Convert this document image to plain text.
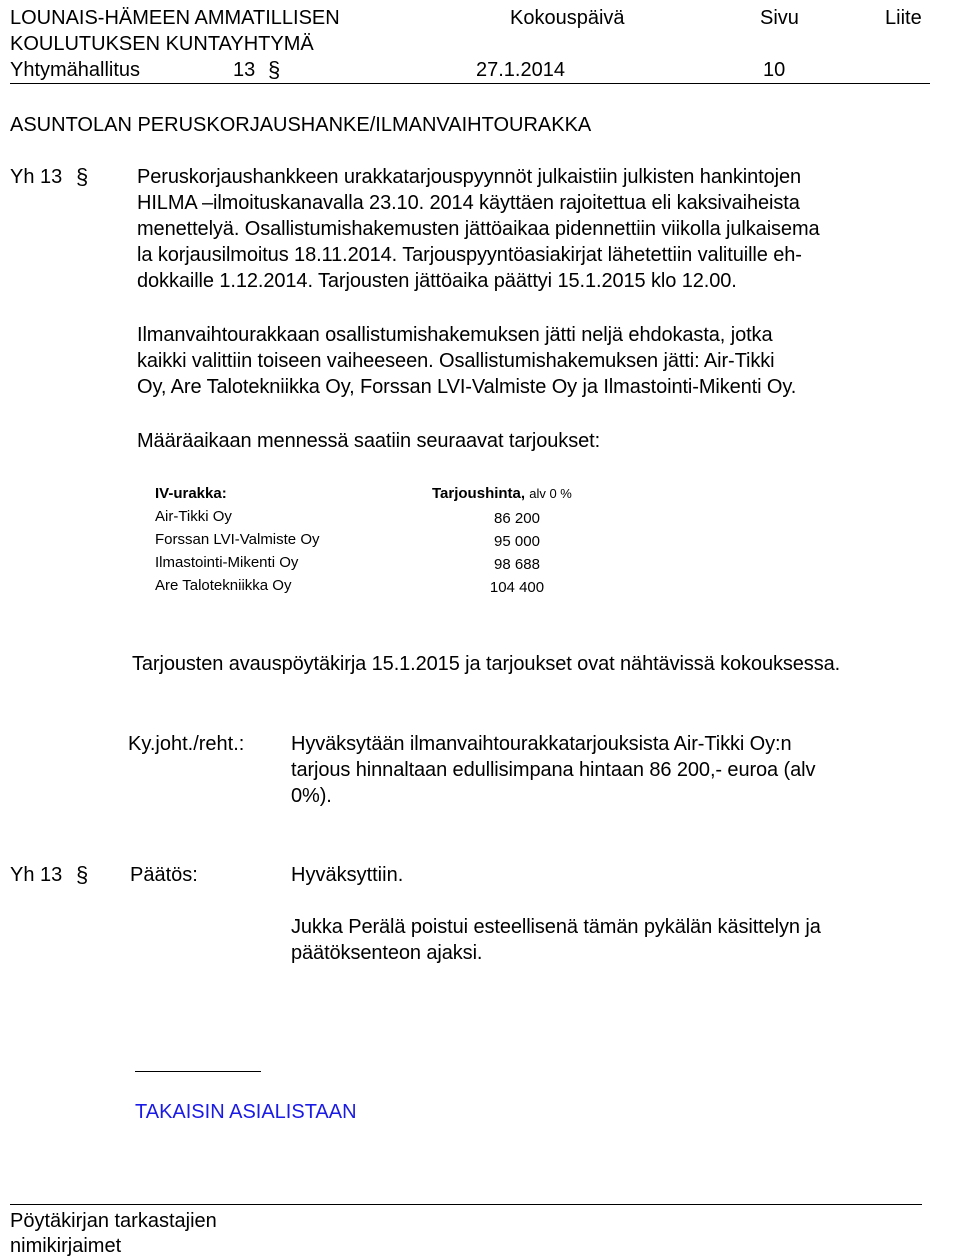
LOUNAIS-HÄMEEN AMMATILLISEN
KOULUTUKSEN KUNTAYHTYMÄ
Kokouspäivä	Sivu	Liite
Yhtymähallitus	13 §	27.1.2014	10
ASUNTOLAN PERUSKORJAUSHANKE/ILMANVAIHTOURAKKA
Yh 13 § Peruskorjaushankkeen urakkatarjouspyynnöt julkaistiin julkisten hankintojen
HILMA –ilmoituskanavalla 23.10. 2014 käyttäen rajoitettua eli kaksivaiheista
menettelyä. Osallistumishakemusten jättöaikaa pidennettiin viikolla julkaisema
la korjausilmoitus 18.11.2014. Tarjouspyyntöasiakirjat lähetettiin valituille eh-
dokkaille 1.12.2014. Tarjousten jättöaika päättyi 15.1.2015 klo 12.00.
Ilmanvaihtourakkaan osallistumishakemuksen jätti neljä ehdokasta, jotka
kaikki valittiin toiseen vaiheeseen. Osallistumishakemuksen jätti: Air-Tikki
Oy, Are Talotekniikka Oy, Forssan LVI-Valmiste Oy ja Ilmastointi-Mikenti Oy.
Määräaikaan mennessä saatiin seuraavat tarjoukset:
IV-urakka:	Tarjoushinta, alv 0 %
Air-Tikki Oy	86 200
Forssan LVI-Valmiste Oy	95 000
Ilmastointi-Mikenti Oy	98 688
Are Talotekniikka Oy	104 400
Tarjousten avauspöytäkirja 15.1.2015 ja tarjoukset ovat nähtävissä kokouksessa.
Ky.joht./reht.: Hyväksytään ilmanvaihtourakkatarjouksista Air-Tikki Oy:n
tarjous hinnaltaan edullisimpana hintaan 86 200,- euroa (alv
0%).
Yh 13 § Päätös:	Hyväksyttiin.
Jukka Perälä poistui esteellisenä tämän pykälän käsittelyn ja
päätöksenteon ajaksi.
TAKAISIN ASIALISTAAN
Pöytäkirjan tarkastajien
nimikirjaimet
